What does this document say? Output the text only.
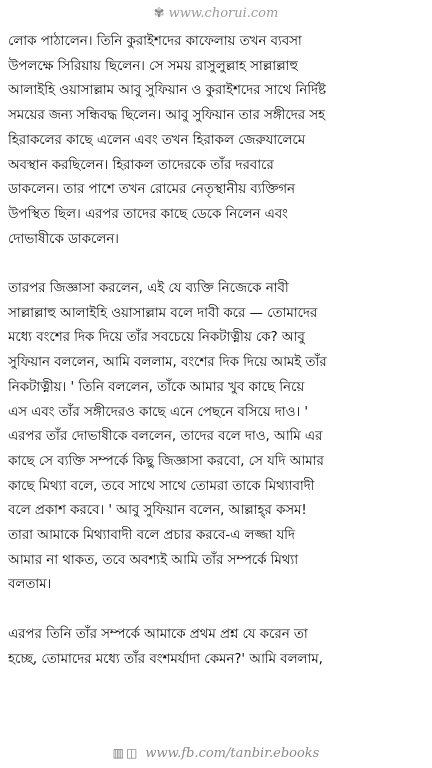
✾ www.chorui.com

লোক পাঠালেন। তিনি কুরাইশদের কাফেলায় তখন ব্যবসা
উপলক্ষে সিরিয়ায় ছিলেন। সে সময় রাসুলুল্লাহ সাল্লাল্লাহু
আলাইহি ওয়াসাল্লাম আবু সুফিয়ান ও কুরাইশদের সাথে নির্দিষ্ট
সময়ের জন্য সন্ধিবদ্ধ ছিলেন। আবু সুফিয়ান তার সঙ্গীদের সহ
হিরাকলের কাছে এলেন এবং তখন হিরাকল জেরুযালেমে
অবস্থান করছিলেন। হিরাকল তাদেরকে তাঁর দরবারে
ডাকলেন। তার পাশে তখন রোমের নেতৃস্থানীয় ব্যক্তিগন
উপস্থিত ছিল। এরপর তাদের কাছে ডেকে নিলেন এবং
দোভাষীকে ডাকলেন।

তারপর জিজ্ঞাসা করলেন, এই যে ব্যক্তি নিজেকে নাবী
সাল্লাল্লাহু আলাইহি ওয়াসাল্লাম বলে দাবী করে — তোমাদের
মধ্যে বংশের দিক দিয়ে তাঁর সবচেয়ে নিকটাত্নীয় কে? আবু
সুফিয়ান বললেন, আমি বললাম, বংশের দিক দিয়ে আমই তাঁর
নিকটাত্নীয়। ' তিনি বললেন, তাঁকে আমার খুব কাছে নিয়ে
এস এবং তাঁর সঙ্গীদেরও কাছে এনে পেছনে বসিয়ে দাও। '
এরপর তাঁর দোভাষীকে বললেন, তাদের বলে দাও, আমি এর
কাছে সে ব্যক্তি সম্পর্কে কিছু জিজ্ঞাসা করবো, সে যদি আমার
কাছে মিথ্যা বলে, তবে সাথে সাথে তোমরা তাকে মিথ্যাবাদী
বলে প্রকাশ করবে। ' আবু সুফিয়ান বলেন, আল্লাহ্‌র কসম!
তারা আমাকে মিথ্যাবাদী বলে প্রচার করবে-এ লজ্জা যদি
আমার না থাকত, তবে অবশ্যই আমি তাঁর সম্পর্কে মিথ্যা
বলতাম।

এরপর তিনি তাঁর সম্পর্কে আমাকে প্রথম প্রশ্ন যে করেন তা
হচ্ছে, তোমাদের মধ্যে তাঁর বংশমর্যাদা কেমন?' আমি বললাম,

▥◫ www.fb.com/tanbir.ebooks
